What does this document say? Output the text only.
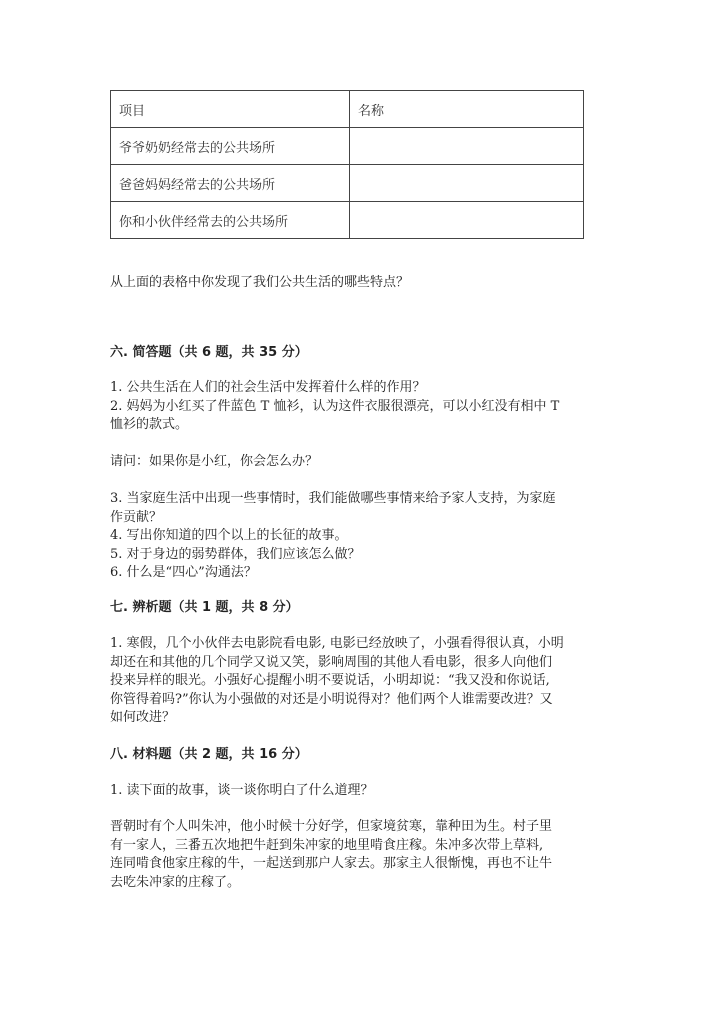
项目	名称
爷爷奶奶经常去的公共场所	
爸爸妈妈经常去的公共场所	
你和小伙伴经常去的公共场所	
从上面的表格中你发现了我们公共生活的哪些特点？
六. 简答题（共 6 题，共 35 分）
1. 公共生活在人们的社会生活中发挥着什么样的作用？
2. 妈妈为小红买了件蓝色 T 恤衫，认为这件衣服很漂亮，可以小红没有相中 T
恤衫的款式。
请问：如果你是小红，你会怎么办？
3. 当家庭生活中出现一些事情时，我们能做哪些事情来给予家人支持，为家庭
作贡献？
4. 写出你知道的四个以上的长征的故事。
5. 对于身边的弱势群体，我们应该怎么做？
6. 什么是“四心”沟通法？
七. 辨析题（共 1 题，共 8 分）
1. 寒假，几个小伙伴去电影院看电影, 电影已经放映了，小强看得很认真，小明
却还在和其他的几个同学又说又笑，影响周围的其他人看电影，很多人向他们
投来异样的眼光。小强好心提醒小明不要说话，小明却说：“我又没和你说话,
你管得着吗?”你认为小强做的对还是小明说得对？他们两个人谁需要改进？又
如何改进？
八. 材料题（共 2 题，共 16 分）
1. 读下面的故事，谈一谈你明白了什么道理？
晋朝时有个人叫朱冲，他小时候十分好学，但家境贫寒，靠种田为生。村子里
有一家人，三番五次地把牛赶到朱冲家的地里啃食庄稼。朱冲多次带上草料,
连同啃食他家庄稼的牛，一起送到那户人家去。那家主人很惭愧，再也不让牛
去吃朱冲家的庄稼了。
